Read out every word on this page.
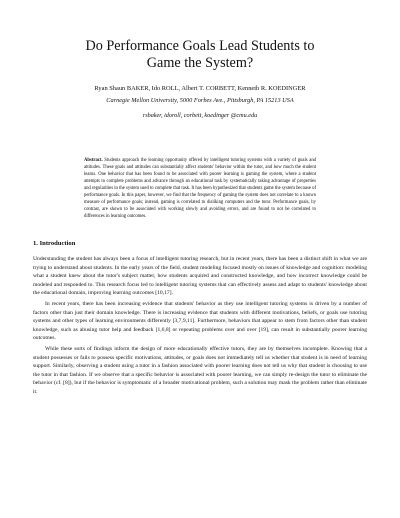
Do Performance Goals Lead Students to
Game the System?
Ryan Shaun BAKER, Ido ROLL, Albert T. CORBETT, Kenneth R. KOEDINGER
Carnegie Mellon University, 5000 Forbes Ave., Pittsburgh, PA 15213 USA
rsbaker, idoroll, corbett, koedinger @cmu.edu
Abstract. Students approach the learning opportunity offered by intelligent tutoring systems with a variety of goals and attitudes. These goals and attitudes can substantially affect students' behavior within the tutor, and how much the student learns. One behavior that has been found to be associated with poorer learning is gaming the system, where a student attempts to complete problems and advance through an educational task by systematically taking advantage of properties and regularities in the system used to complete that task. It has been hypothesized that students game the system because of performance goals. In this paper, however, we find that the frequency of gaming the system does not correlate to a known measure of performance goals; instead, gaming is correlated to disliking computers and the tutor. Performance goals, by contrast, are shown to be associated with working slowly and avoiding errors, and are found to not be correlated to differences in learning outcomes.
1. Introduction

Understanding the student has always been a focus of intelligent tutoring research, but in recent years, there has been a distinct shift in what we are trying to understand about students. In the early years of the field, student modeling focused mostly on issues of knowledge and cognition: modeling what a student knew about the tutor's subject matter, how students acquired and constructed knowledge, and how incorrect knowledge could be modeled and responded to. This research focus led to intelligent tutoring systems that can effectively assess and adapt to students' knowledge about the educational domain, improving learning outcomes [10,17].

In recent years, there has been increasing evidence that students' behavior as they use intelligent tutoring systems is driven by a number of factors other than just their domain knowledge. There is increasing evidence that students with different motivations, beliefs, or goals use tutoring systems and other types of learning environments differently [3,7,9,11]. Furthermore, behaviors that appear to stem from factors other than student knowledge, such as abusing tutor help and feedback [1,6,8] or repeating problems over and over [19], can result in substantially poorer learning outcomes.

While these sorts of findings inform the design of more educationally effective tutors, they are by themselves incomplete. Knowing that a student possesses or fails to possess specific motivations, attitudes, or goals does not immediately tell us whether that student is in need of learning support. Similarly, observing a student using a tutor in a fashion associated with poorer learning does not tell us why that student is choosing to use the tutor in that fashion. If we observe that a specific behavior is associated with poorer learning, we can simply re-design the tutor to eliminate the behavior (cf. [8]), but if the behavior is symptomatic of a broader motivational problem, such a solution may mask the problem rather than eliminate it.
